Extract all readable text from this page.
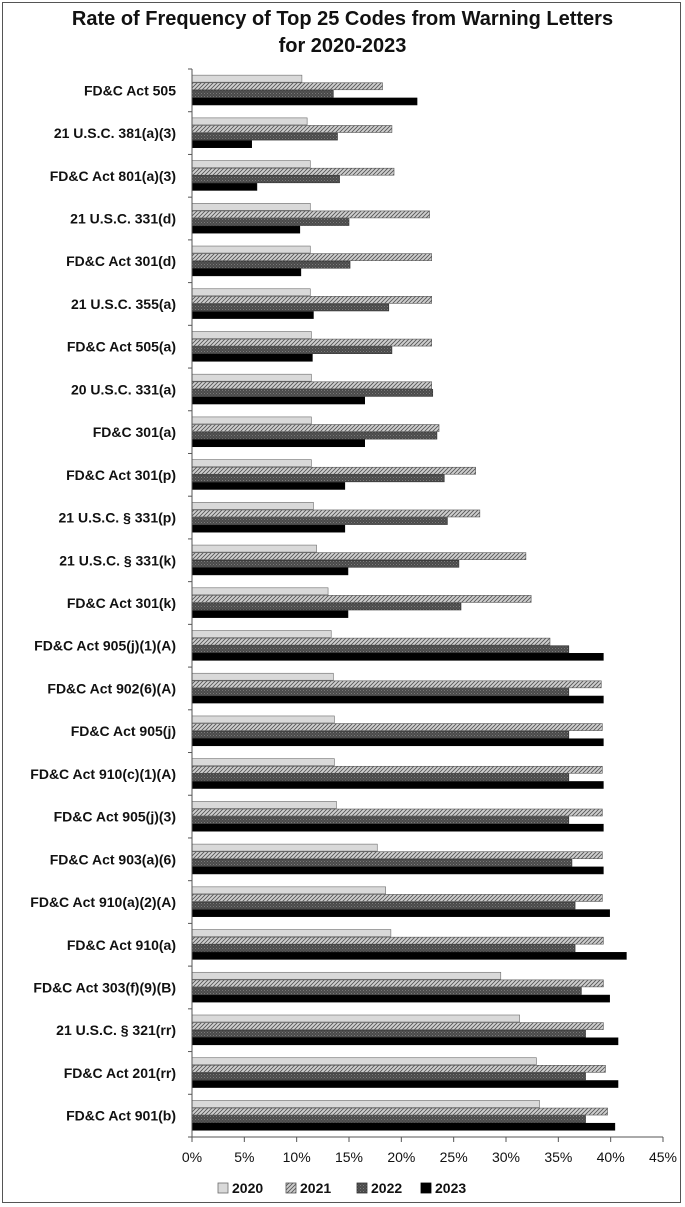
Rate of Frequency of Top 25 Codes from Warning Letters
for 2020-2023
FD&C Act 505
21 U.S.C. 381(a)(3)
FD&C Act 801(a)(3)
21 U.S.C. 331(d)
FD&C Act 301(d)
21 U.S.C. 355(a)
FD&C Act 505(a)
20 U.S.C. 331(a)
FD&C 301(a)
FD&C Act 301(p)
21 U.S.C. § 331(p)
21 U.S.C. § 331(k)
FD&C Act 301(k)
FD&C Act 905(j)(1)(A)
FD&C Act 902(6)(A)
FD&C Act 905(j)
FD&C Act 910(c)(1)(A)
FD&C Act 905(j)(3)
FD&C Act 903(a)(6)
FD&C Act 910(a)(2)(A)
FD&C Act 910(a)
FD&C Act 303(f)(9)(B)
21 U.S.C. § 321(rr)
FD&C Act 201(rr)
FD&C Act 901(b)
0% 5% 10% 15% 20% 25% 30% 35% 40% 45%
2020	2021	2022 2023
